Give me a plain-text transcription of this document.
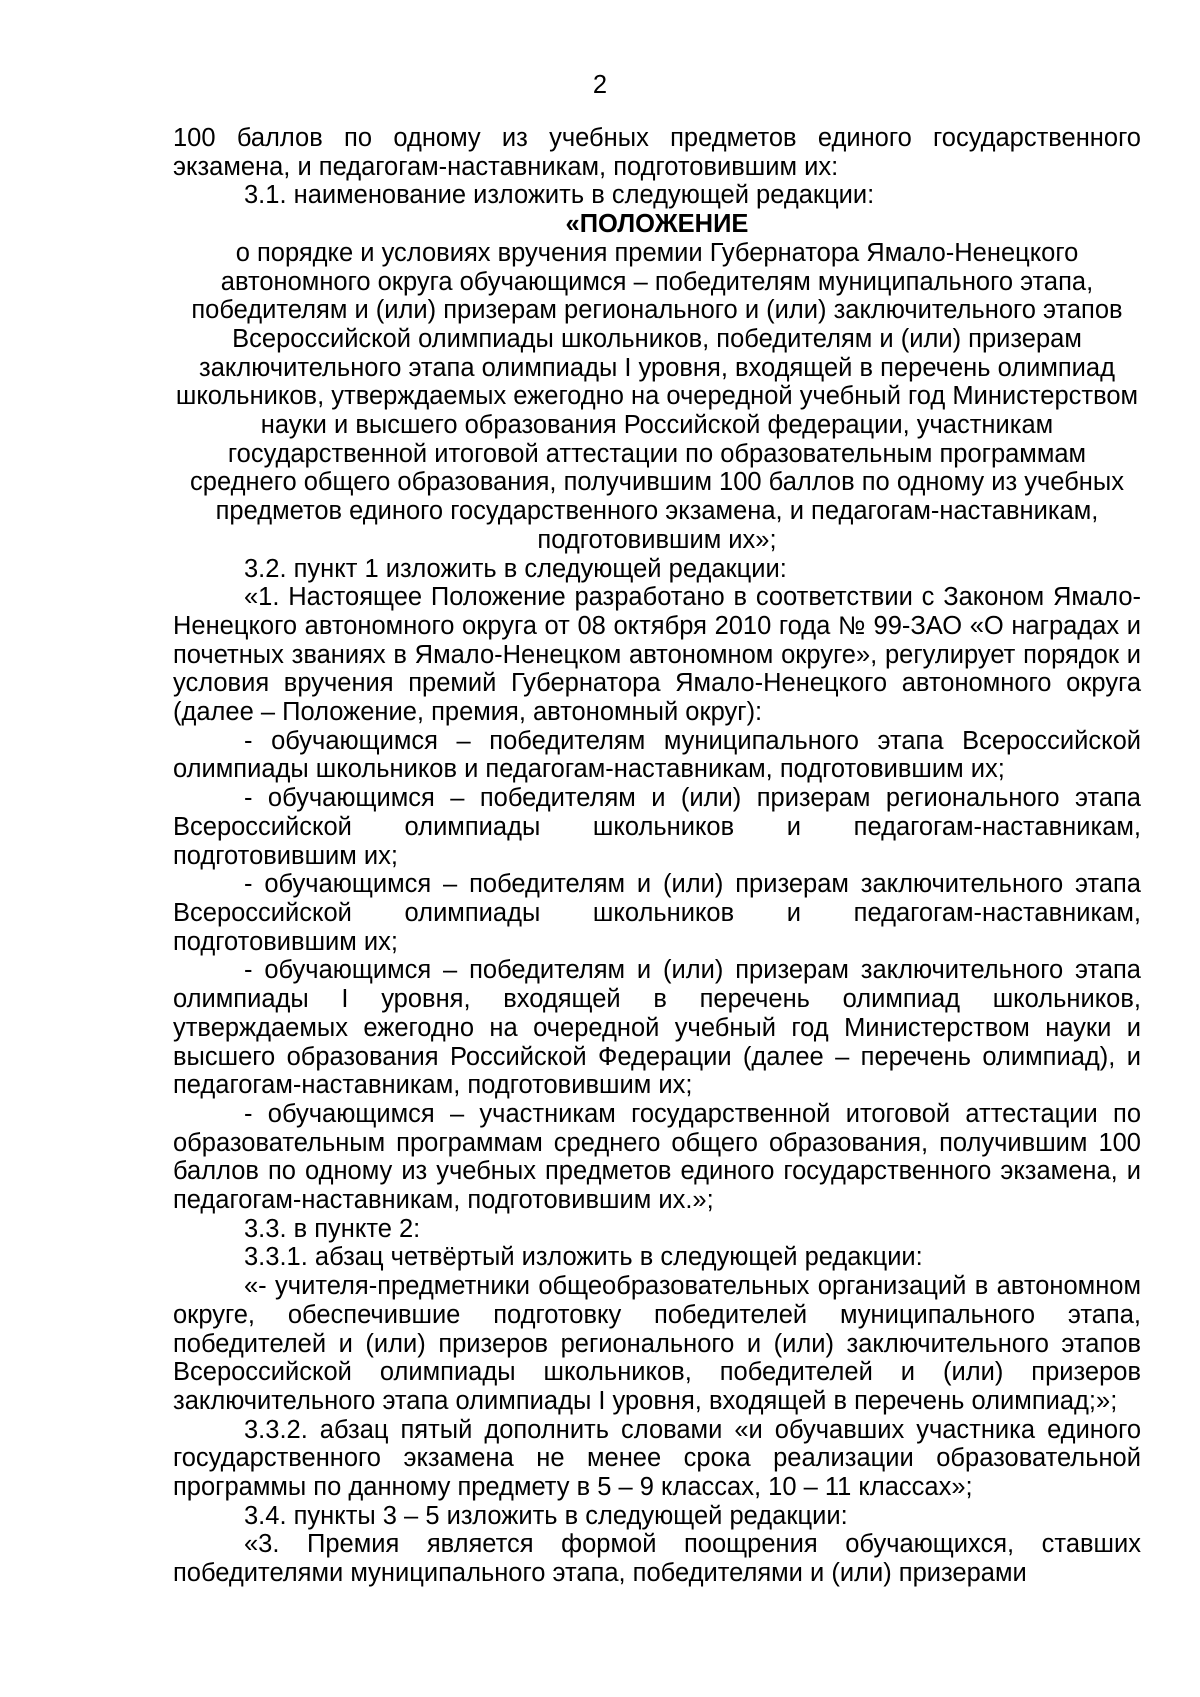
2

100 баллов по одному из учебных предметов единого государственного экзамена, и педагогам-наставникам, подготовившим их:

3.1. наименование изложить в следующей редакции:

«ПОЛОЖЕНИЕ

о порядке и условиях вручения премии Губернатора Ямало-Ненецкого автономного округа обучающимся – победителям муниципального этапа, победителям и (или) призерам регионального и (или) заключительного этапов Всероссийской олимпиады школьников, победителям и (или) призерам заключительного этапа олимпиады I уровня, входящей в перечень олимпиад школьников, утверждаемых ежегодно на очередной учебный год Министерством науки и высшего образования Российской федерации, участникам государственной итоговой аттестации по образовательным программам среднего общего образования, получившим 100 баллов по одному из учебных предметов единого государственного экзамена, и педагогам-наставникам, подготовившим их»;

3.2. пункт 1 изложить в следующей редакции:

«1. Настоящее Положение разработано в соответствии с Законом Ямало-Ненецкого автономного округа от 08 октября 2010 года № 99-ЗАО «О наградах и почетных званиях в Ямало-Ненецком автономном округе», регулирует порядок и условия вручения премий Губернатора Ямало-Ненецкого автономного округа (далее – Положение, премия, автономный округ):

- обучающимся – победителям муниципального этапа Всероссийской олимпиады школьников и педагогам-наставникам, подготовившим их;

- обучающимся – победителям и (или) призерам регионального этапа Всероссийской олимпиады школьников и педагогам-наставникам, подготовившим их;

- обучающимся – победителям и (или) призерам заключительного этапа Всероссийской олимпиады школьников и педагогам-наставникам, подготовившим их;

- обучающимся – победителям и (или) призерам заключительного этапа олимпиады I уровня, входящей в перечень олимпиад школьников, утверждаемых ежегодно на очередной учебный год Министерством науки и высшего образования Российской Федерации (далее – перечень олимпиад), и педагогам-наставникам, подготовившим их;

- обучающимся – участникам государственной итоговой аттестации по образовательным программам среднего общего образования, получившим 100 баллов по одному из учебных предметов единого государственного экзамена, и педагогам-наставникам, подготовившим их.»;

3.3. в пункте 2:

3.3.1. абзац четвёртый изложить в следующей редакции:

«- учителя-предметники общеобразовательных организаций в автономном округе, обеспечившие подготовку победителей муниципального этапа, победителей и (или) призеров регионального и (или) заключительного этапов Всероссийской олимпиады школьников, победителей и (или) призеров заключительного этапа олимпиады I уровня, входящей в перечень олимпиад;»;

3.3.2. абзац пятый дополнить словами «и обучавших участника единого государственного экзамена не менее срока реализации образовательной программы по данному предмету в 5 – 9 классах, 10 – 11 классах»;

3.4. пункты 3 – 5 изложить в следующей редакции:

«3. Премия является формой поощрения обучающихся, ставших победителями муниципального этапа, победителями и (или) призерами
